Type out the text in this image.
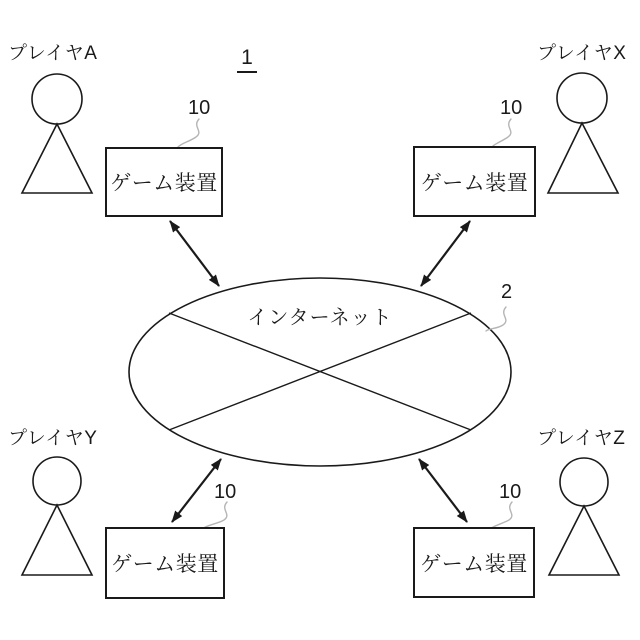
1
プレイヤA	プレイヤX
プレイヤY	プレイヤZ
インターネット
2
ゲーム装置	ゲーム装置
ゲーム装置	ゲーム装置
10	10
10	10
